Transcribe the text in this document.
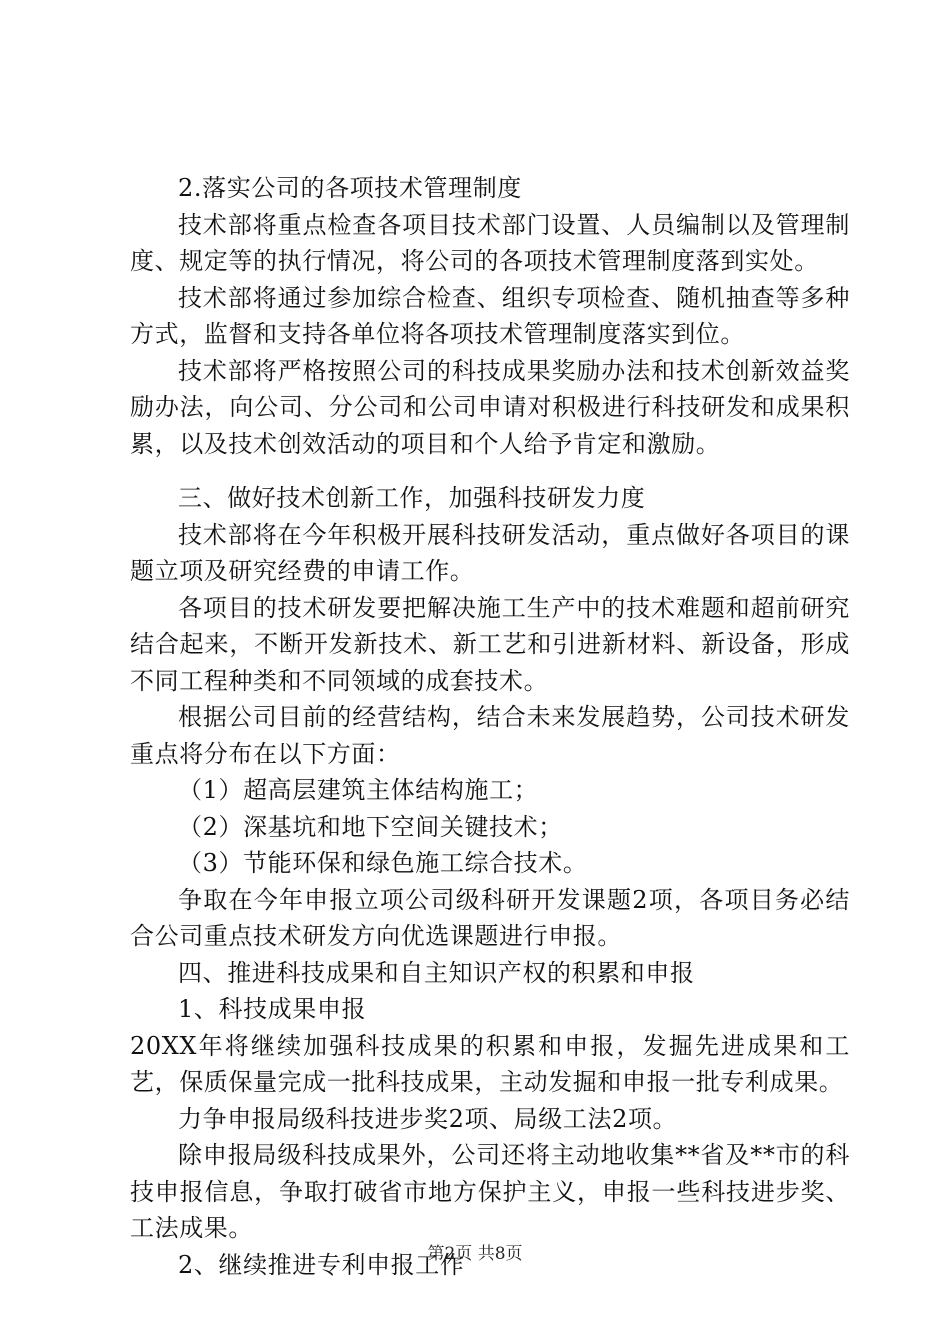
2.落实公司的各项技术管理制度

技术部将重点检查各项目技术部门设置、人员编制以及管理制度、规定等的执行情况，将公司的各项技术管理制度落到实处。

技术部将通过参加综合检查、组织专项检查、随机抽查等多种方式，监督和支持各单位将各项技术管理制度落实到位。

技术部将严格按照公司的科技成果奖励办法和技术创新效益奖励办法，向公司、分公司和公司申请对积极进行科技研发和成果积累，以及技术创效活动的项目和个人给予肯定和激励。

三、做好技术创新工作，加强科技研发力度

技术部将在今年积极开展科技研发活动，重点做好各项目的课题立项及研究经费的申请工作。

各项目的技术研发要把解决施工生产中的技术难题和超前研究结合起来，不断开发新技术、新工艺和引进新材料、新设备，形成不同工程种类和不同领域的成套技术。

根据公司目前的经营结构，结合未来发展趋势，公司技术研发重点将分布在以下方面：

（1）超高层建筑主体结构施工；

（2）深基坑和地下空间关键技术；

（3）节能环保和绿色施工综合技术。

争取在今年申报立项公司级科研开发课题2项，各项目务必结合公司重点技术研发方向优选课题进行申报。

四、推进科技成果和自主知识产权的积累和申报

1、科技成果申报

20XX年将继续加强科技成果的积累和申报，发掘先进成果和工艺，保质保量完成一批科技成果，主动发掘和申报一批专利成果。

力争申报局级科技进步奖2项、局级工法2项。

除申报局级科技成果外，公司还将主动地收集**省及**市的科技申报信息，争取打破省市地方保护主义，申报一些科技进步奖、工法成果。

2、继续推进专利申报工作

第2页 共8页
